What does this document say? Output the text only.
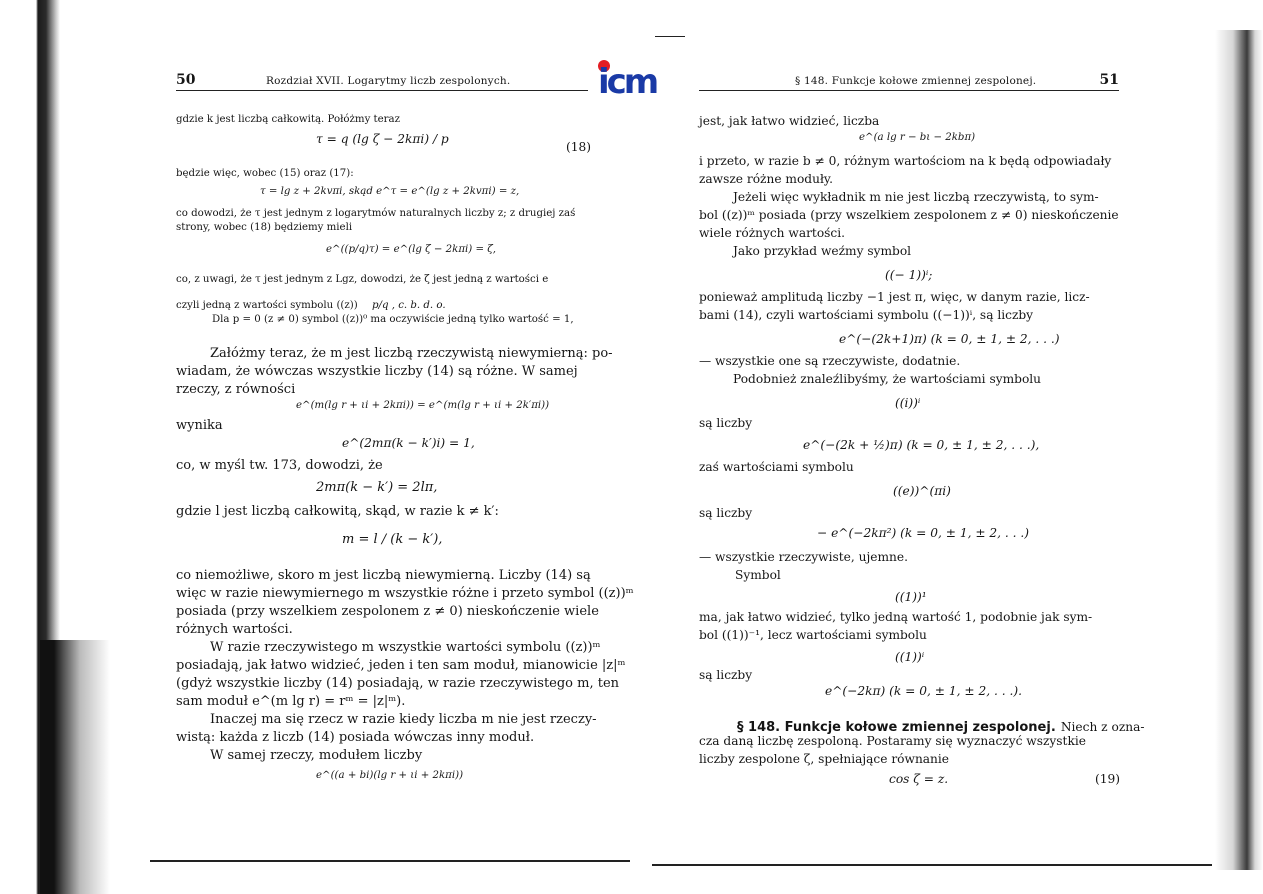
icm
50	Rozdział XVII. Logarytmy liczb zespolonych.
gdzie k jest liczbą całkowitą. Połóżmy teraz
τ = q (lg ζ − 2kπi) / p
(18)
będzie więc, wobec (15) oraz (17):
τ = lg z + 2kvπi, skąd e^τ = e^(lg z + 2kvπi) = z,
co dowodzi, że τ jest jednym z logarytmów naturalnych liczby z; z drugiej zaś
strony, wobec (18) będziemy mieli
e^((p/q)τ) = e^(lg ζ − 2kπi) = ζ,
co, z uwagi, że τ jest jednym z Lgz, dowodzi, że ζ jest jedną z wartości e
czyli jedną z wartości symbolu ((z)) p/q , c. b. d. o.
Dla p = 0 (z ≠ 0) symbol ((z))⁰ ma oczywiście jedną tylko wartość = 1,
Załóżmy teraz, że m jest liczbą rzeczywistą niewymierną: po-
wiadam, że wówczas wszystkie liczby (14) są różne. W samej
rzeczy, z równości
e^(m(lg r + ιi + 2kπi)) = e^(m(lg r + ιi + 2k′πi))
wynika
e^(2mπ(k − k′)i) = 1,
co, w myśl tw. 173, dowodzi, że
2mπ(k − k′) = 2lπ,
gdzie l jest liczbą całkowitą, skąd, w razie k ≠ k′:
m = l / (k − k′),
co niemożliwe, skoro m jest liczbą niewymierną. Liczby (14) są
więc w razie niewymiernego m wszystkie różne i przeto symbol ((z))ᵐ
posiada (przy wszelkiem zespolonem z ≠ 0) nieskończenie wiele
różnych wartości.
W razie rzeczywistego m wszystkie wartości symbolu ((z))ᵐ
posiadają, jak łatwo widzieć, jeden i ten sam moduł, mianowicie |z|ᵐ
(gdyż wszystkie liczby (14) posiadają, w razie rzeczywistego m, ten
sam moduł e^(m lg r) = rᵐ = |z|ᵐ).
Inaczej ma się rzecz w razie kiedy liczba m nie jest rzeczy-
wistą: każda z liczb (14) posiada wówczas inny moduł.
W samej rzeczy, modułem liczby
e^((a + bi)(lg r + ιi + 2kπi))
§ 148. Funkcje kołowe zmiennej zespolonej.	51
jest, jak łatwo widzieć, liczba
e^(a lg r − bι − 2kbπ)
i przeto, w razie b ≠ 0, różnym wartościom na k będą odpowiadały
zawsze różne moduły.
Jeżeli więc wykładnik m nie jest liczbą rzeczywistą, to sym-
bol ((z))ᵐ posiada (przy wszelkiem zespolonem z ≠ 0) nieskończenie
wiele różnych wartości.
Jako przykład weźmy symbol
((− 1))ⁱ;
ponieważ amplitudą liczby −1 jest π, więc, w danym razie, licz-
bami (14), czyli wartościami symbolu ((−1))ⁱ, są liczby
e^(−(2k+1)π) (k = 0, ± 1, ± 2, . . .)
— wszystkie one są rzeczywiste, dodatnie.
Podobnież znaleźlibyśmy, że wartościami symbolu
((i))ⁱ
są liczby
e^(−(2k + ½)π) (k = 0, ± 1, ± 2, . . .),
zaś wartościami symbolu
((e))^(πi)
są liczby
− e^(−2kπ²) (k = 0, ± 1, ± 2, . . .)
— wszystkie rzeczywiste, ujemne.
Symbol
((1))¹
ma, jak łatwo widzieć, tylko jedną wartość 1, podobnie jak sym-
bol ((1))⁻¹, lecz wartościami symbolu
((1))ⁱ
są liczby
e^(−2kπ) (k = 0, ± 1, ± 2, . . .).
§ 148. Funkcje kołowe zmiennej zespolonej. Niech z ozna-
cza daną liczbę zespoloną. Postaramy się wyznaczyć wszystkie
liczby zespolone ζ, spełniające równanie
cos ζ = z.	(19)
